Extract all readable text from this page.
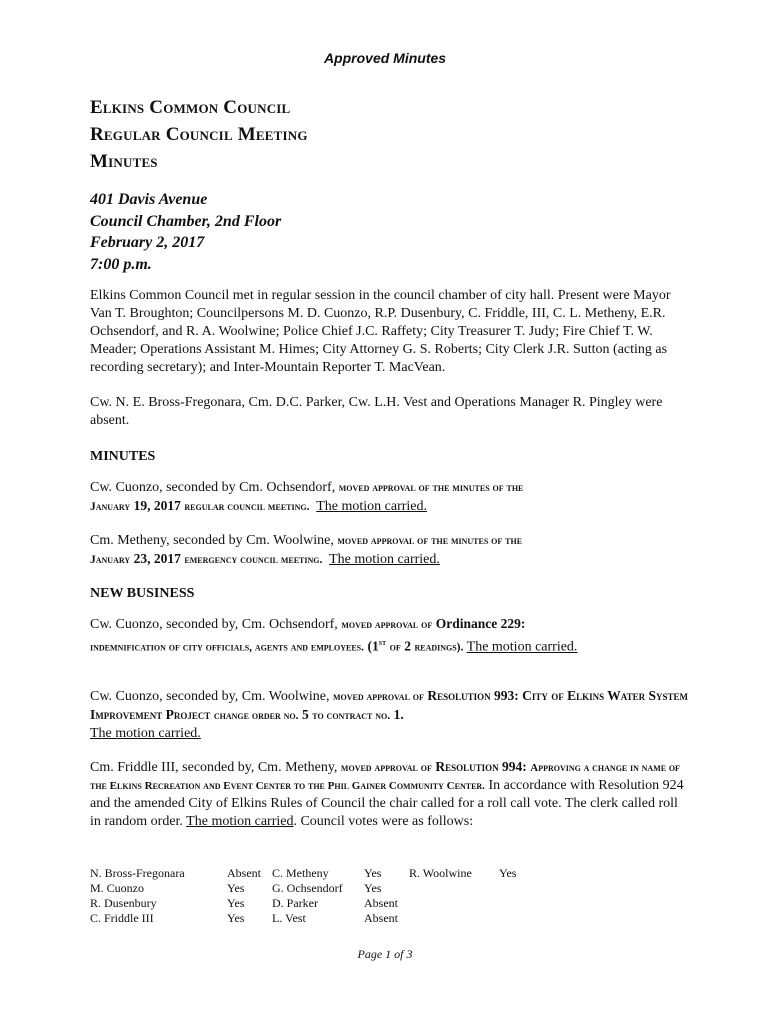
Approved Minutes
Elkins Common Council
Regular Council Meeting
Minutes
401 Davis Avenue
Council Chamber, 2nd Floor
February 2, 2017
7:00 p.m.

Elkins Common Council met in regular session in the council chamber of city hall. Present were Mayor Van T. Broughton; Councilpersons M. D. Cuonzo, R.P. Dusenbury, C. Friddle, III, C. L. Metheny, E.R. Ochsendorf, and R. A. Woolwine; Police Chief J.C. Raffety; City Treasurer T. Judy; Fire Chief T. W. Meader; Operations Assistant M. Himes; City Attorney G. S. Roberts; City Clerk J.R. Sutton (acting as recording secretary); and Inter-Mountain Reporter T. MacVean.

Cw. N. E. Bross-Fregonara, Cm. D.C. Parker, Cw. L.H. Vest and Operations Manager R. Pingley were absent.

MINUTES

Cw. Cuonzo, seconded by Cm. Ochsendorf, moved approval of the minutes of the
January 19, 2017 regular council meeting. The motion carried.

Cm. Metheny, seconded by Cm. Woolwine, moved approval of the minutes of the
January 23, 2017 emergency council meeting. The motion carried.

NEW BUSINESS

Cw. Cuonzo, seconded by, Cm. Ochsendorf, moved approval of Ordinance 229:
indemnification of city officials, agents and employees. (1st of 2 readings). The motion carried.

Cw. Cuonzo, seconded by, Cm. Woolwine, moved approval of Resolution 993: City of Elkins Water System Improvement Project change order no. 5 to contract no. 1.
The motion carried.

Cm. Friddle III, seconded by, Cm. Metheny, moved approval of Resolution 994: Approving a change in name of the Elkins Recreation and Event Center to the Phil Gainer Community Center. In accordance with Resolution 924 and the amended City of Elkins Rules of Council the chair called for a roll call vote. The clerk called roll in random order. The motion carried. Council votes were as follows:

N. Bross-Fregonara	Absent	C. Metheny	Yes	R. Woolwine	Yes
M. Cuonzo	Yes	G. Ochsendorf	Yes		
R. Dusenbury	Yes	D. Parker	Absent		
C. Friddle III	Yes	L. Vest	Absent		
Page 1 of 3
